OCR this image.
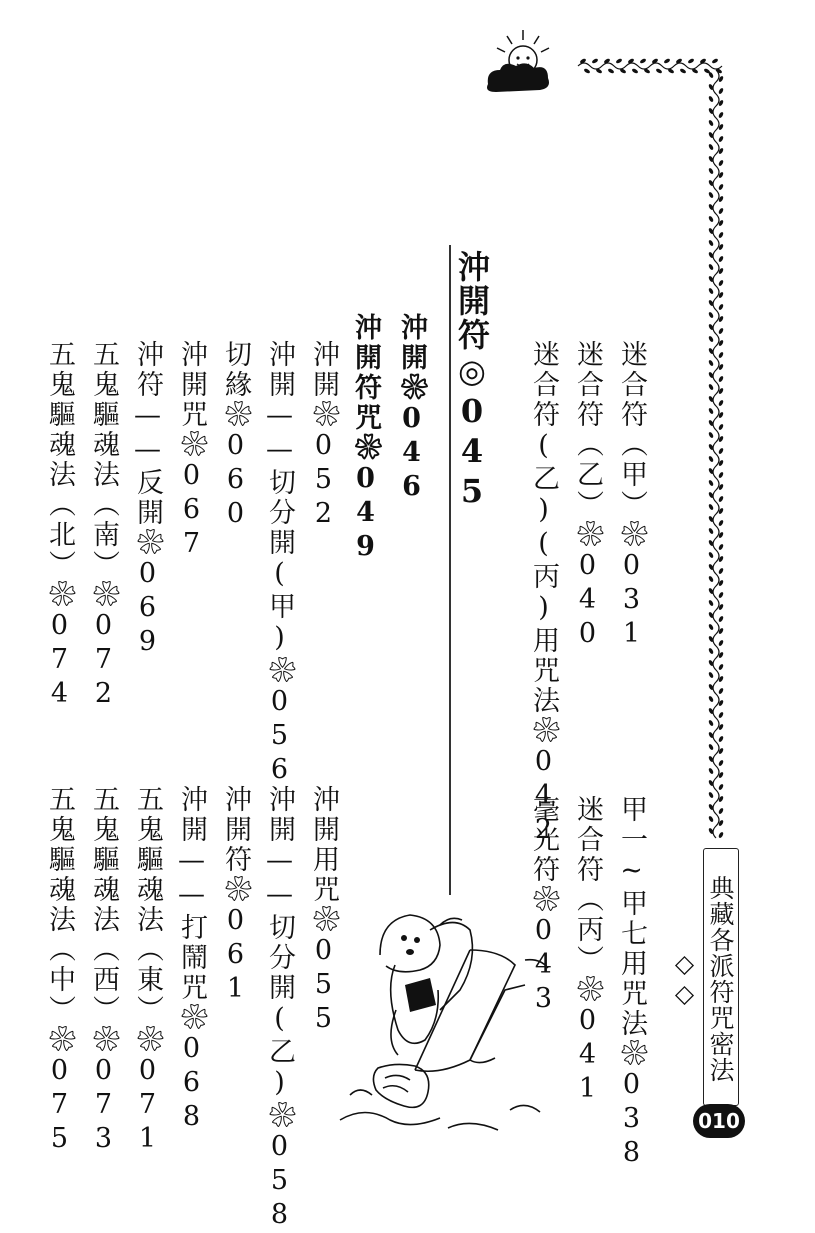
沖開符◎045	迷合符（甲）❀031
迷合符（乙）❀040
迷合符(乙)(丙)用咒法❀042
沖開❀046
沖開符咒❀049
沖開❀052
沖開——切分開(甲)❀056
切緣❀060
沖開咒❀067
沖符——反開❀069
五鬼驅魂法（南）❀072
五鬼驅魂法（北）❀074
甲一~甲七用咒法❀038
迷合符（丙）❀041
毫光符❀043
沖開用咒❀055
沖開——切分開(乙)❀058
沖開符❀061
沖開——打鬧咒❀068
五鬼驅魂法（東）❀071
五鬼驅魂法（西）❀073
五鬼驅魂法（中）❀075	典藏各派符咒密法◇◇
010
